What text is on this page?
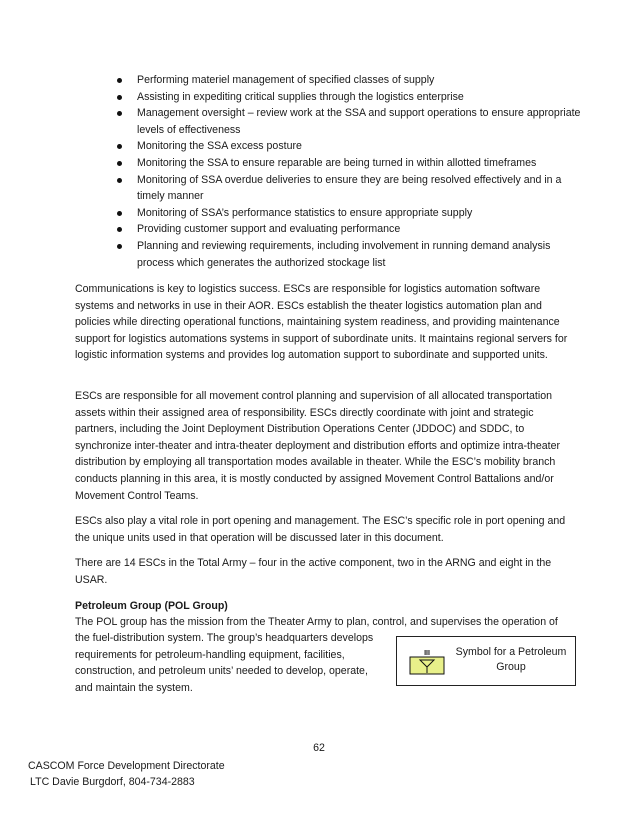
Performing materiel management of specified classes of supply
Assisting in expediting critical supplies through the logistics enterprise
Management oversight – review work at the SSA and support operations to ensure appropriate levels of effectiveness
Monitoring the SSA excess posture
Monitoring the SSA to ensure reparable are being turned in within allotted timeframes
Monitoring of SSA overdue deliveries to ensure they are being resolved effectively and in a timely manner
Monitoring of SSA’s performance statistics to ensure appropriate supply
Providing customer support and evaluating performance
Planning and reviewing requirements, including involvement in running demand analysis process which generates the authorized stockage list
Communications is key to logistics success. ESCs are responsible for logistics automation software systems and networks in use in their AOR. ESCs establish the theater logistics automation plan and policies while directing operational functions, maintaining system readiness, and providing maintenance support for logistics automations systems in support of subordinate units. It maintains regional servers for logistic information systems and provides log automation support to subordinate and supported units.
ESCs are responsible for all movement control planning and supervision of all allocated transportation assets within their assigned area of responsibility. ESCs directly coordinate with joint and strategic partners, including the Joint Deployment Distribution Operations Center (JDDOC) and SDDC, to synchronize inter-theater and intra-theater deployment and distribution efforts and optimize intra-theater distribution by employing all transportation modes available in theater. While the ESC’s mobility branch conducts planning in this area, it is mostly conducted by assigned Movement Control Battalions and/or Movement Control Teams.
ESCs also play a vital role in port opening and management. The ESC’s specific role in port opening and the unique units used in that operation will be discussed later in this document.
There are 14 ESCs in the Total Army – four in the active component, two in the ARNG and eight in the USAR.
Petroleum Group (POL Group)
The POL group has the mission from the Theater Army to plan, control, and supervises the operation of
the fuel-distribution system. The group’s headquarters develops requirements for petroleum-handling equipment, facilities, construction, and petroleum units’ needed to develop, operate, and maintain the system.
III	Symbol for a Petroleum Group
62
CASCOM Force Development Directorate
LTC Davie Burgdorf, 804-734-2883
